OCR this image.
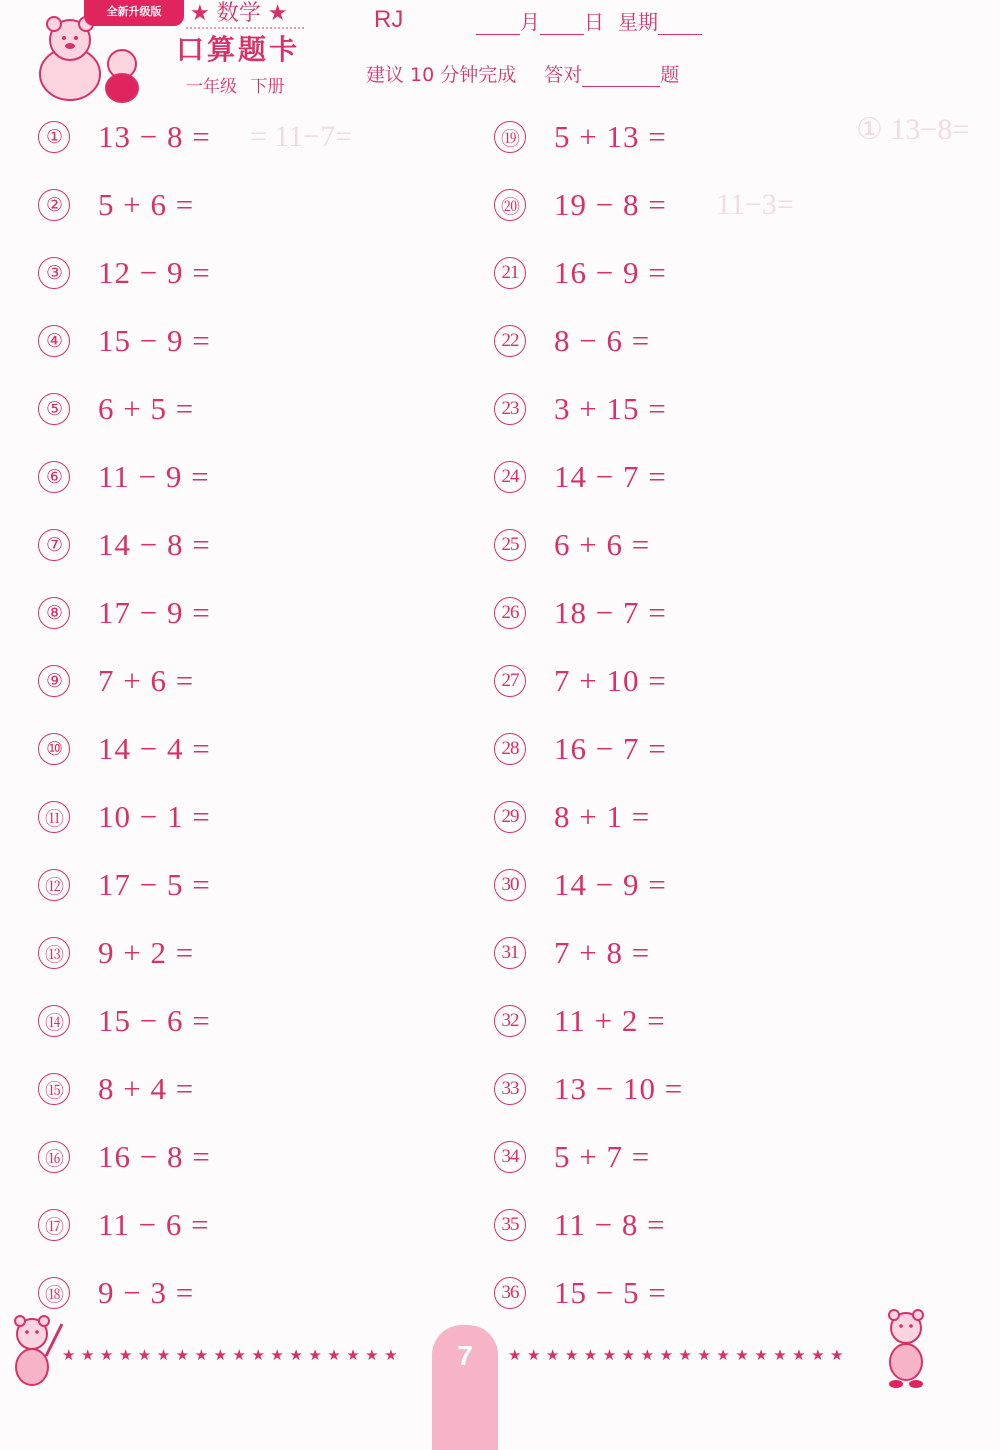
① 13−8=
11−3=
= 11−7=
全新升级版	★ 数学 ★
口算题卡
一年级 下册
RJ	月 日 星期
建议 10 分钟完成 答对	题
① 13 − 8 =
② 5 + 6 =
③ 12 − 9 =
④ 15 − 9 =
⑤ 6 + 5 =
⑥ 11 − 9 =
⑦ 14 − 8 =
⑧ 17 − 9 =
⑨ 7 + 6 =
⑩ 14 − 4 =
⑪ 10 − 1 =
⑫ 17 − 5 =
⑬ 9 + 2 =
⑭ 15 − 6 =
⑮ 8 + 4 =
⑯ 16 − 8 =
⑰ 11 − 6 =
⑱ 9 − 3 =
⑲ 5 + 13 =
⑳ 19 − 8 =
21 16 − 9 =
22 8 − 6 =
23 3 + 15 =
24 14 − 7 =
25 6 + 6 =
26 18 − 7 =
27 7 + 10 =
28 16 − 7 =
29 8 + 1 =
30 14 − 9 =
31 7 + 8 =
32 11 + 2 =
33 13 − 10 =
34 5 + 7 =
35 11 − 8 =
36 15 − 5 =
★★★★★★★★★★★★★★★★★★	7	★★★★★★★★★★★★★★★★★★
